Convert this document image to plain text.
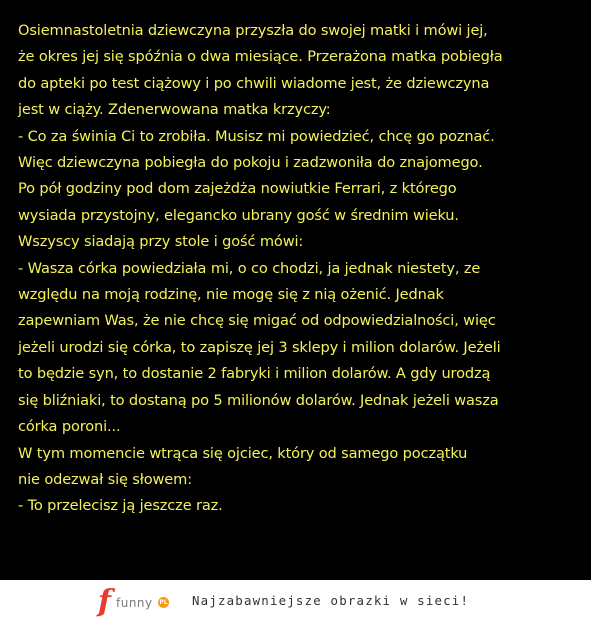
Osiemnastoletnia dziewczyna przyszła do swojej matki i mówi jej,
że okres jej się spóźnia o dwa miesiące. Przerażona matka pobiegła
do apteki po test ciążowy i po chwili wiadome jest, że dziewczyna
jest w ciąży. Zdenerwowana matka krzyczy:
- Co za świnia Ci to zrobiła. Musisz mi powiedzieć, chcę go poznać.
Więc dziewczyna pobiegła do pokoju i zadzwoniła do znajomego.
Po pół godziny pod dom zajeżdża nowiutkie Ferrari, z którego
wysiada przystojny, elegancko ubrany gość w średnim wieku.
Wszyscy siadają przy stole i gość mówi:
- Wasza córka powiedziała mi, o co chodzi, ja jednak niestety, ze
względu na moją rodzinę, nie mogę się z nią ożenić. Jednak
zapewniam Was, że nie chcę się migać od odpowiedzialności, więc
jeżeli urodzi się córka, to zapiszę jej 3 sklepy i milion dolarów. Jeżeli
to będzie syn, to dostanie 2 fabryki i milion dolarów. A gdy urodzą
się bliźniaki, to dostaną po 5 milionów dolarów. Jednak jeżeli wasza
córka poroni...
W tym momencie wtrąca się ojciec, który od samego początku
nie odezwał się słowem:
- To przelecisz ją jeszcze raz.
f funny PL Najzabawniejsze obrazki w sieci!
